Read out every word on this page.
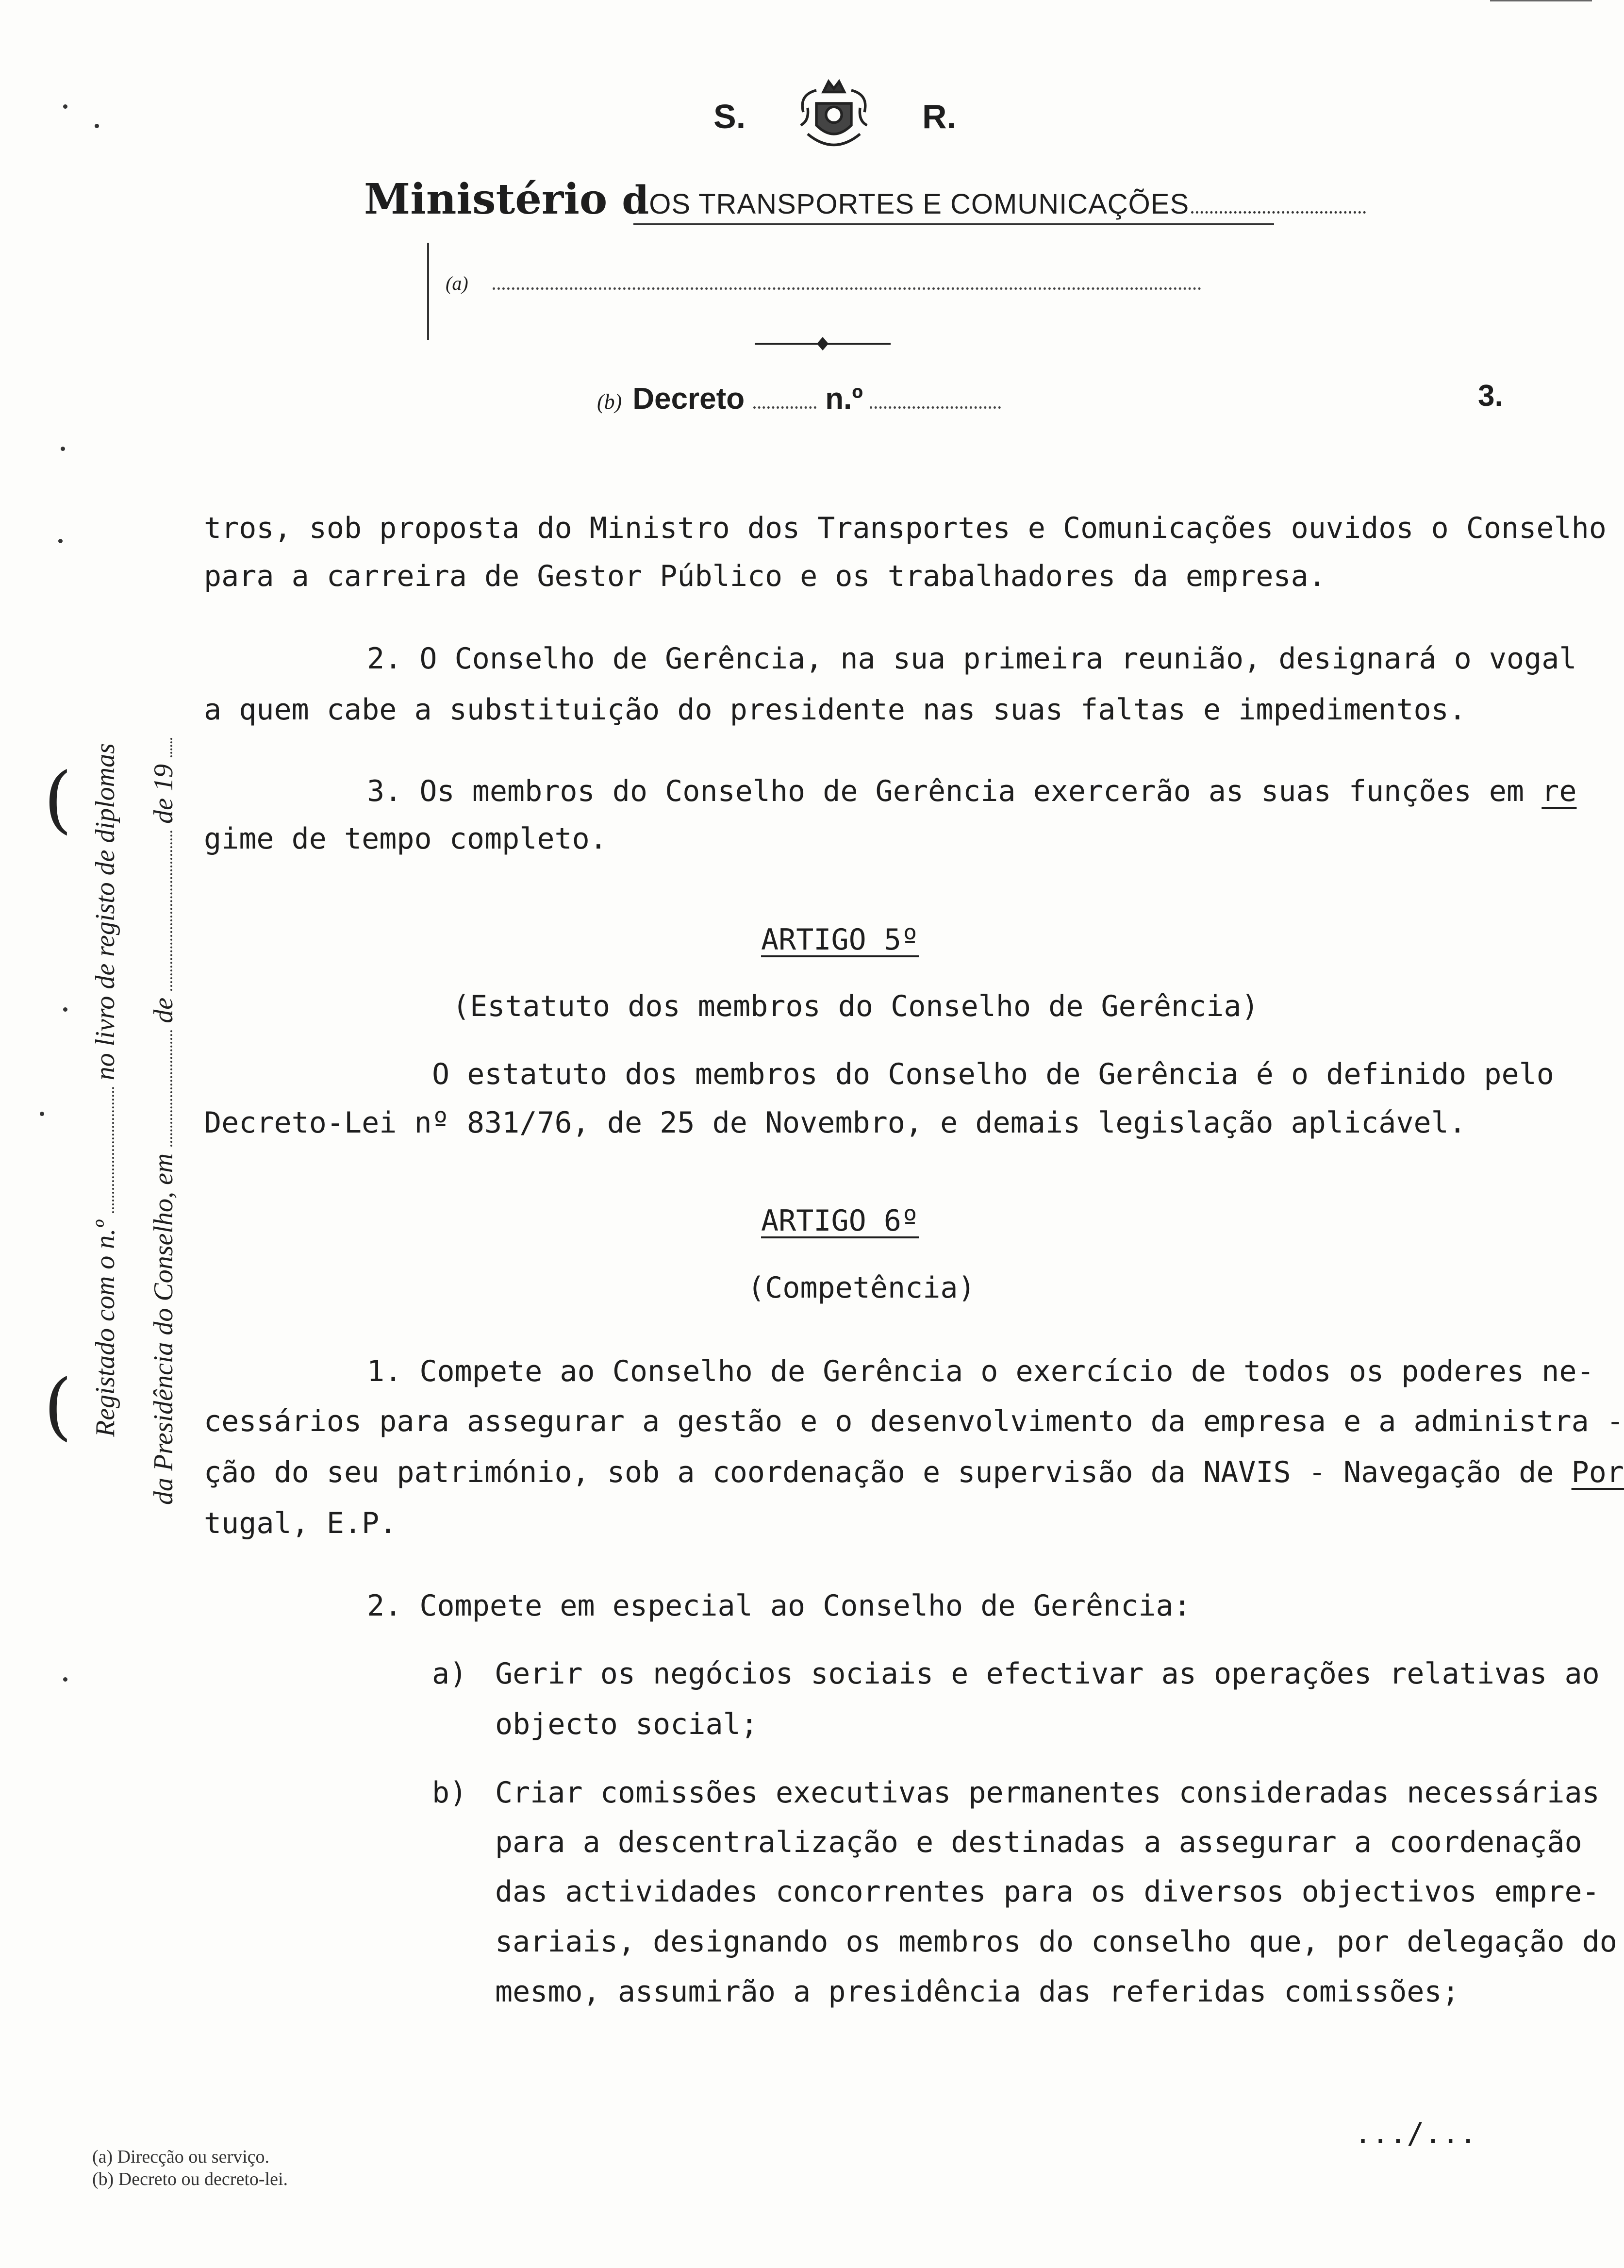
S.	R.
Ministério d OS TRANSPORTES E COMUNICAÇÕES
(a)
(b) Decreto	n.º	3.
(
( Registado com o n.º  no livro de registo de diplomas
da Presidência do Conselho, em  de  de 19
tros, sob proposta do Ministro dos Transportes e Comunicações ouvidos o Conselho
para a carreira de Gestor Público e os trabalhadores da empresa.
2. O Conselho de Gerência, na sua primeira reunião, designará o vogal
a quem cabe a substituição do presidente nas suas faltas e impedimentos.
3. Os membros do Conselho de Gerência exercerão as suas funções em re
gime de tempo completo.
ARTIGO 5º
(Estatuto dos membros do Conselho de Gerência)
O estatuto dos membros do Conselho de Gerência é o definido pelo
Decreto-Lei nº 831/76, de 25 de Novembro, e demais legislação aplicável.
ARTIGO 6º
(Competência)
1. Compete ao Conselho de Gerência o exercício de todos os poderes ne-
cessários para assegurar a gestão e o desenvolvimento da empresa e a administra -
ção do seu património, sob a coordenação e supervisão da NAVIS - Navegação de Por
tugal, E.P.
2. Compete em especial ao Conselho de Gerência:
a) Gerir os negócios sociais e efectivar as operações relativas ao
objecto social;
b) Criar comissões executivas permanentes consideradas necessárias
para a descentralização e destinadas a assegurar a coordenação
das actividades concorrentes para os diversos objectivos empre-
sariais, designando os membros do conselho que, por delegação do
mesmo, assumirão a presidência das referidas comissões;
.../...
(a) Direcção ou serviço.
(b) Decreto ou decreto-lei.
